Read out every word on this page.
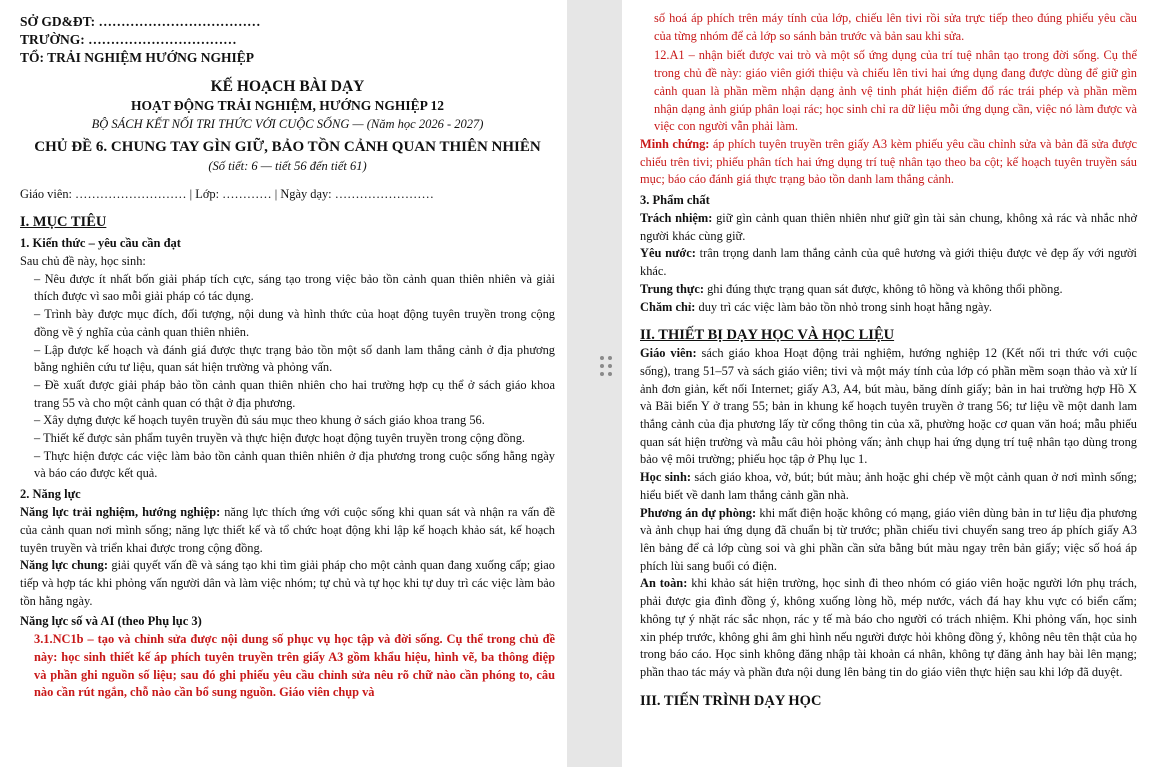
SỞ GD&ĐT: ………………………………

TRƯỜNG: ……………………………

TỔ: TRẢI NGHIỆM HƯỚNG NGHIỆP

KẾ HOẠCH BÀI DẠY

HOẠT ĐỘNG TRẢI NGHIỆM, HƯỚNG NGHIỆP 12

BỘ SÁCH KẾT NỐI TRI THỨC VỚI CUỘC SỐNG — (Năm học 2026 - 2027)

CHỦ ĐỀ 6. CHUNG TAY GÌN GIỮ, BẢO TỒN CẢNH QUAN THIÊN NHIÊN

(Số tiết: 6 — tiết 56 đến tiết 61)

Giáo viên: ……………………… | Lớp: ………… | Ngày dạy: ……………………

I. MỤC TIÊU

1. Kiến thức – yêu cầu cần đạt

Sau chủ đề này, học sinh:

– Nêu được ít nhất bốn giải pháp tích cực, sáng tạo trong việc bảo tồn cảnh quan thiên nhiên và giải thích được vì sao mỗi giải pháp có tác dụng.

– Trình bày được mục đích, đối tượng, nội dung và hình thức của hoạt động tuyên truyền trong cộng đồng về ý nghĩa của cảnh quan thiên nhiên.

– Lập được kế hoạch và đánh giá được thực trạng bảo tồn một số danh lam thắng cảnh ở địa phương bằng nghiên cứu tư liệu, quan sát hiện trường và phỏng vấn.

– Đề xuất được giải pháp bảo tồn cảnh quan thiên nhiên cho hai trường hợp cụ thể ở sách giáo khoa trang 55 và cho một cảnh quan có thật ở địa phương.

– Xây dựng được kế hoạch tuyên truyền đủ sáu mục theo khung ở sách giáo khoa trang 56.

– Thiết kế được sản phẩm tuyên truyền và thực hiện được hoạt động tuyên truyền trong cộng đồng.

– Thực hiện được các việc làm bảo tồn cảnh quan thiên nhiên ở địa phương trong cuộc sống hằng ngày và báo cáo được kết quả.

2. Năng lực

Năng lực trải nghiệm, hướng nghiệp: năng lực thích ứng với cuộc sống khi quan sát và nhận ra vấn đề của cảnh quan nơi mình sống; năng lực thiết kế và tổ chức hoạt động khi lập kế hoạch khảo sát, kế hoạch tuyên truyền và triển khai được trong cộng đồng.

Năng lực chung: giải quyết vấn đề và sáng tạo khi tìm giải pháp cho một cảnh quan đang xuống cấp; giao tiếp và hợp tác khi phỏng vấn người dân và làm việc nhóm; tự chủ và tự học khi tự duy trì các việc làm bảo tồn hằng ngày.

Năng lực số và AI (theo Phụ lục 3)

3.1.NC1b – tạo và chỉnh sửa được nội dung số phục vụ học tập và đời sống. Cụ thể trong chủ đề này: học sinh thiết kế áp phích tuyên truyền trên giấy A3 gồm khẩu hiệu, hình vẽ, ba thông điệp và phần ghi nguồn số liệu; sau đó ghi phiếu yêu cầu chỉnh sửa nêu rõ chữ nào cần phóng to, câu nào cần rút ngắn, chỗ nào cần bổ sung nguồn. Giáo viên chụp và

số hoá áp phích trên máy tính của lớp, chiếu lên tivi rồi sửa trực tiếp theo đúng phiếu yêu cầu của từng nhóm để cả lớp so sánh bản trước và bản sau khi sửa.

12.A1 – nhận biết được vai trò và một số ứng dụng của trí tuệ nhân tạo trong đời sống. Cụ thể trong chủ đề này: giáo viên giới thiệu và chiếu lên tivi hai ứng dụng đang được dùng để giữ gìn cảnh quan là phần mềm nhận dạng ảnh vệ tinh phát hiện điểm đổ rác trái phép và phần mềm nhận dạng ảnh giúp phân loại rác; học sinh chỉ ra dữ liệu mỗi ứng dụng cần, việc nó làm được và việc con người vẫn phải làm.

Minh chứng: áp phích tuyên truyền trên giấy A3 kèm phiếu yêu cầu chỉnh sửa và bản đã sửa được chiếu trên tivi; phiếu phân tích hai ứng dụng trí tuệ nhân tạo theo ba cột; kế hoạch tuyên truyền sáu mục; báo cáo đánh giá thực trạng bảo tồn danh lam thắng cảnh.

3. Phẩm chất

Trách nhiệm: giữ gìn cảnh quan thiên nhiên như giữ gìn tài sản chung, không xả rác và nhắc nhở người khác cùng giữ.

Yêu nước: trân trọng danh lam thắng cảnh của quê hương và giới thiệu được vẻ đẹp ấy với người khác.

Trung thực: ghi đúng thực trạng quan sát được, không tô hồng và không thổi phồng.

Chăm chỉ: duy trì các việc làm bảo tồn nhỏ trong sinh hoạt hằng ngày.

II. THIẾT BỊ DẠY HỌC VÀ HỌC LIỆU

Giáo viên: sách giáo khoa Hoạt động trải nghiệm, hướng nghiệp 12 (Kết nối tri thức với cuộc sống), trang 51–57 và sách giáo viên; tivi và một máy tính của lớp có phần mềm soạn thảo và xử lí ảnh đơn giản, kết nối Internet; giấy A3, A4, bút màu, băng dính giấy; bản in hai trường hợp Hồ X và Bãi biển Y ở trang 55; bản in khung kế hoạch tuyên truyền ở trang 56; tư liệu về một danh lam thắng cảnh của địa phương lấy từ cổng thông tin của xã, phường hoặc cơ quan văn hoá; mẫu phiếu quan sát hiện trường và mẫu câu hỏi phỏng vấn; ảnh chụp hai ứng dụng trí tuệ nhân tạo dùng trong bảo vệ môi trường; phiếu học tập ở Phụ lục 1.

Học sinh: sách giáo khoa, vở, bút; bút màu; ảnh hoặc ghi chép về một cảnh quan ở nơi mình sống; hiểu biết về danh lam thắng cảnh gần nhà.

Phương án dự phòng: khi mất điện hoặc không có mạng, giáo viên dùng bản in tư liệu địa phương và ảnh chụp hai ứng dụng đã chuẩn bị từ trước; phần chiếu tivi chuyển sang treo áp phích giấy A3 lên bảng để cả lớp cùng soi và ghi phần cần sửa bằng bút màu ngay trên bản giấy; việc số hoá áp phích lùi sang buổi có điện.

An toàn: khi khảo sát hiện trường, học sinh đi theo nhóm có giáo viên hoặc người lớn phụ trách, phải được gia đình đồng ý, không xuống lòng hồ, mép nước, vách đá hay khu vực có biển cấm; không tự ý nhặt rác sắc nhọn, rác y tế mà báo cho người có trách nhiệm. Khi phỏng vấn, học sinh xin phép trước, không ghi âm ghi hình nếu người được hỏi không đồng ý, không nêu tên thật của họ trong báo cáo. Học sinh không đăng nhập tài khoản cá nhân, không tự đăng ảnh hay bài lên mạng; phần thao tác máy và phần đưa nội dung lên bảng tin do giáo viên thực hiện sau khi lớp đã duyệt.

III. TIẾN TRÌNH DẠY HỌC
